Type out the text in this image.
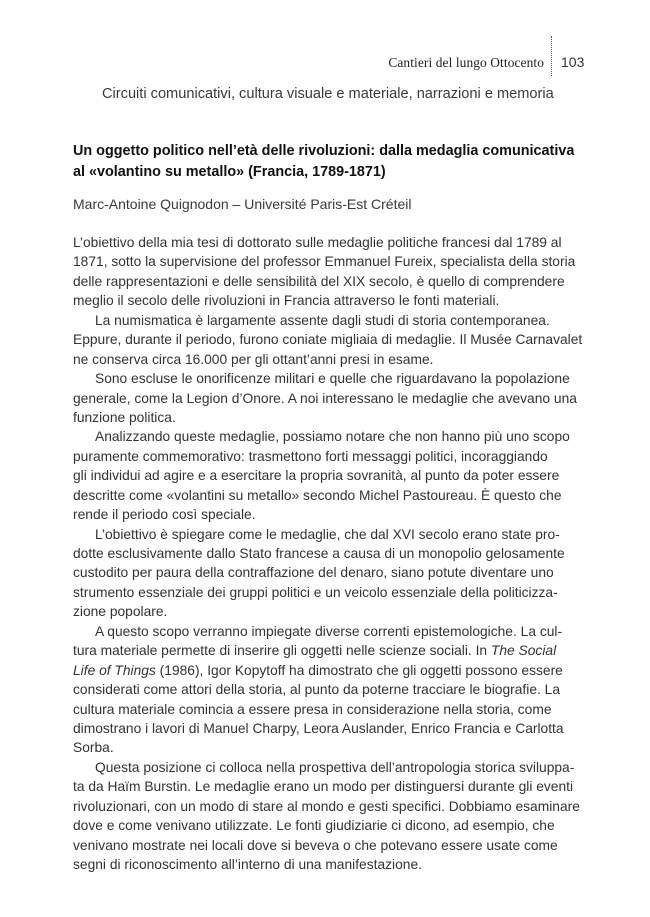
Cantieri del lungo Ottocento 103
Circuiti comunicativi, cultura visuale e materiale, narrazioni e memoria
Un oggetto politico nell’età delle rivoluzioni: dalla medaglia comunicativa
al «volantino su metallo» (Francia, 1789-1871)
Marc-Antoine Quignodon – Université Paris-Est Créteil
L’obiettivo della mia tesi di dottorato sulle medaglie politiche francesi dal 1789 al
1871, sotto la supervisione del professor Emmanuel Fureix, specialista della storia
delle rappresentazioni e delle sensibilità del XIX secolo, è quello di comprendere
meglio il secolo delle rivoluzioni in Francia attraverso le fonti materiali.
La numismatica è largamente assente dagli studi di storia contemporanea.
Eppure, durante il periodo, furono coniate migliaia di medaglie. Il Musée Carnavalet
ne conserva circa 16.000 per gli ottant’anni presi in esame.
Sono escluse le onorificenze militari e quelle che riguardavano la popolazione
generale, come la Legion d’Onore. A noi interessano le medaglie che avevano una
funzione politica.
Analizzando queste medaglie, possiamo notare che non hanno più uno scopo
puramente commemorativo: trasmettono forti messaggi politici, incoraggiando
gli individui ad agire e a esercitare la propria sovranità, al punto da poter essere
descritte come «volantini su metallo» secondo Michel Pastoureau. È questo che
rende il periodo così speciale.
L’obiettivo è spiegare come le medaglie, che dal XVI secolo erano state pro-
dotte esclusivamente dallo Stato francese a causa di un monopolio gelosamente
custodito per paura della contraffazione del denaro, siano potute diventare uno
strumento essenziale dei gruppi politici e un veicolo essenziale della politicizza-
zione popolare.
A questo scopo verranno impiegate diverse correnti epistemologiche. La cul-
tura materiale permette di inserire gli oggetti nelle scienze sociali. In The Social
Life of Things (1986), Igor Kopytoff ha dimostrato che gli oggetti possono essere
considerati come attori della storia, al punto da poterne tracciare le biografie. La
cultura materiale comincia a essere presa in considerazione nella storia, come
dimostrano i lavori di Manuel Charpy, Leora Auslander, Enrico Francia e Carlotta
Sorba.
Questa posizione ci colloca nella prospettiva dell’antropologia storica sviluppa-
ta da Haïm Burstin. Le medaglie erano un modo per distinguersi durante gli eventi
rivoluzionari, con un modo di stare al mondo e gesti specifici. Dobbiamo esaminare
dove e come venivano utilizzate. Le fonti giudiziarie ci dicono, ad esempio, che
venivano mostrate nei locali dove si beveva o che potevano essere usate come
segni di riconoscimento all’interno di una manifestazione.
